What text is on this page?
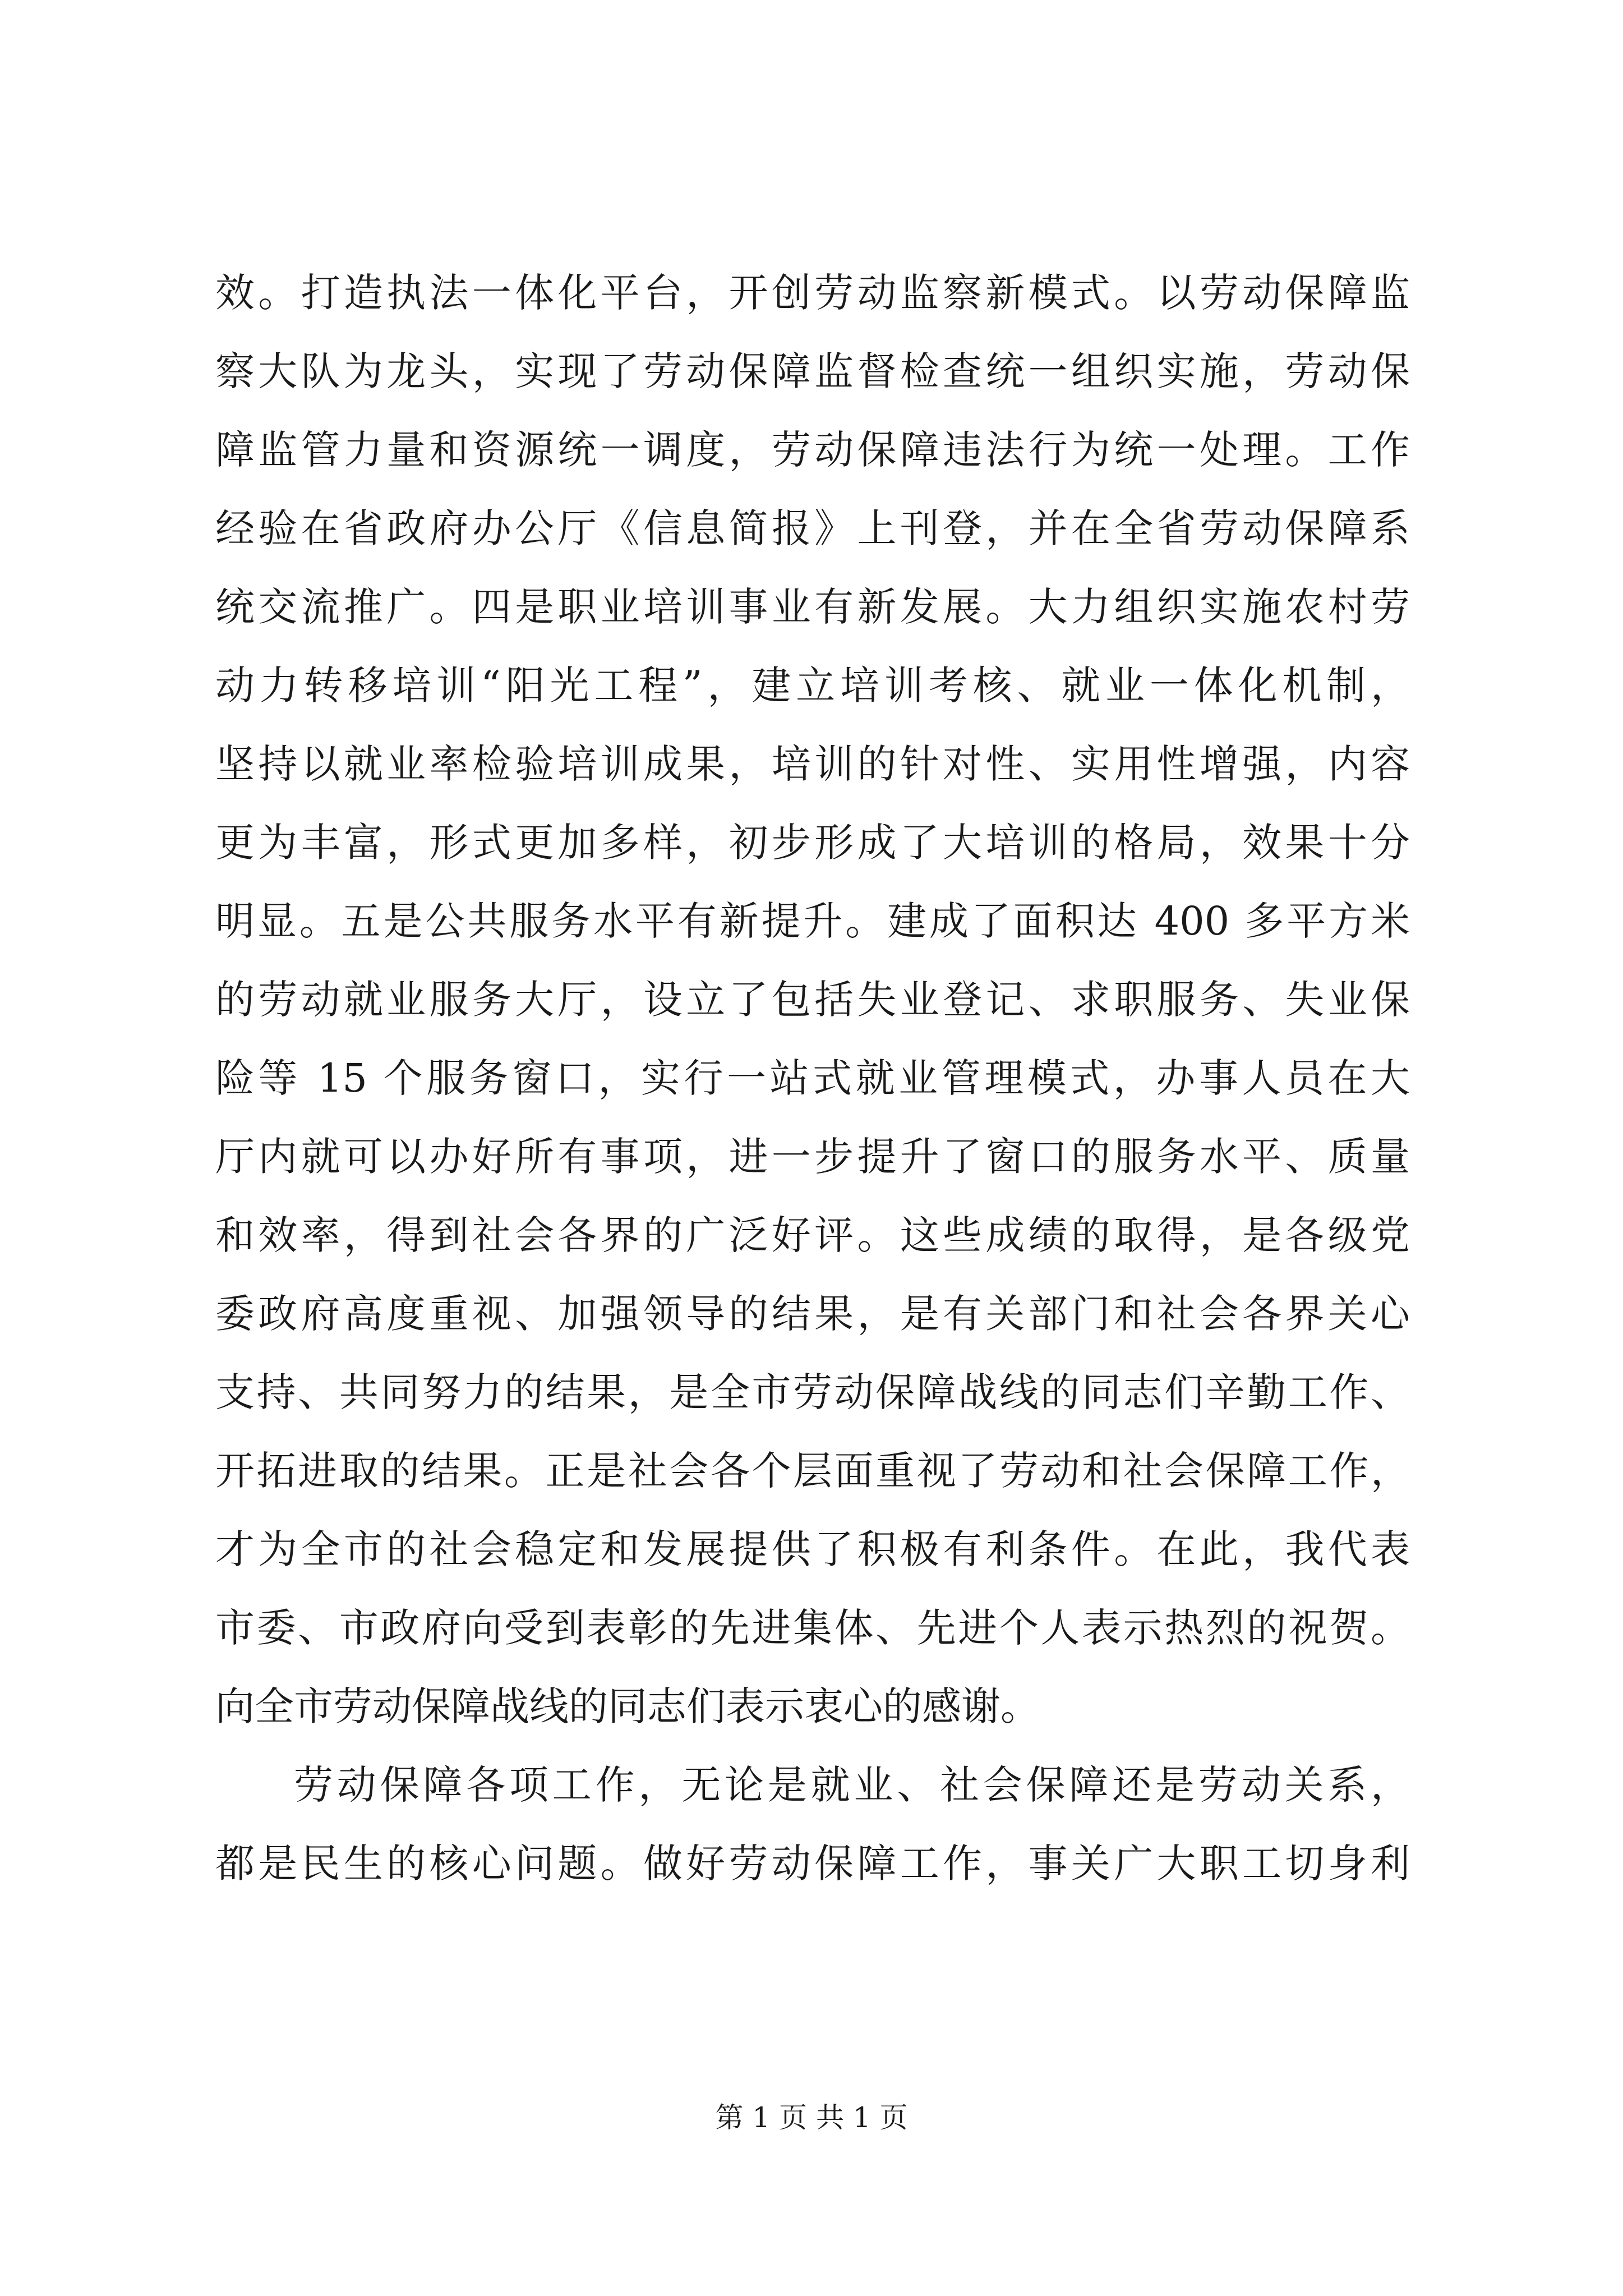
效。打造执法一体化平台，开创劳动监察新模式。以劳动保障监
察大队为龙头，实现了劳动保障监督检查统一组织实施，劳动保
障监管力量和资源统一调度，劳动保障违法行为统一处理。工作
经验在省政府办公厅《信息简报》上刊登，并在全省劳动保障系
统交流推广。四是职业培训事业有新发展。大力组织实施农村劳
动力转移培训“阳光工程”，建立培训考核、就业一体化机制，
坚持以就业率检验培训成果，培训的针对性、实用性增强，内容
更为丰富，形式更加多样，初步形成了大培训的格局，效果十分
明显。五是公共服务水平有新提升。建成了面积达 400 多平方米
的劳动就业服务大厅，设立了包括失业登记、求职服务、失业保
险等 15 个服务窗口，实行一站式就业管理模式，办事人员在大
厅内就可以办好所有事项，进一步提升了窗口的服务水平、质量
和效率，得到社会各界的广泛好评。这些成绩的取得，是各级党
委政府高度重视、加强领导的结果，是有关部门和社会各界关心
支持、共同努力的结果，是全市劳动保障战线的同志们辛勤工作、
开拓进取的结果。正是社会各个层面重视了劳动和社会保障工作，
才为全市的社会稳定和发展提供了积极有利条件。在此，我代表
市委、市政府向受到表彰的先进集体、先进个人表示热烈的祝贺。
向全市劳动保障战线的同志们表示衷心的感谢。
劳动保障各项工作，无论是就业、社会保障还是劳动关系，
都是民生的核心问题。做好劳动保障工作，事关广大职工切身利
第 1 页 共 1 页
